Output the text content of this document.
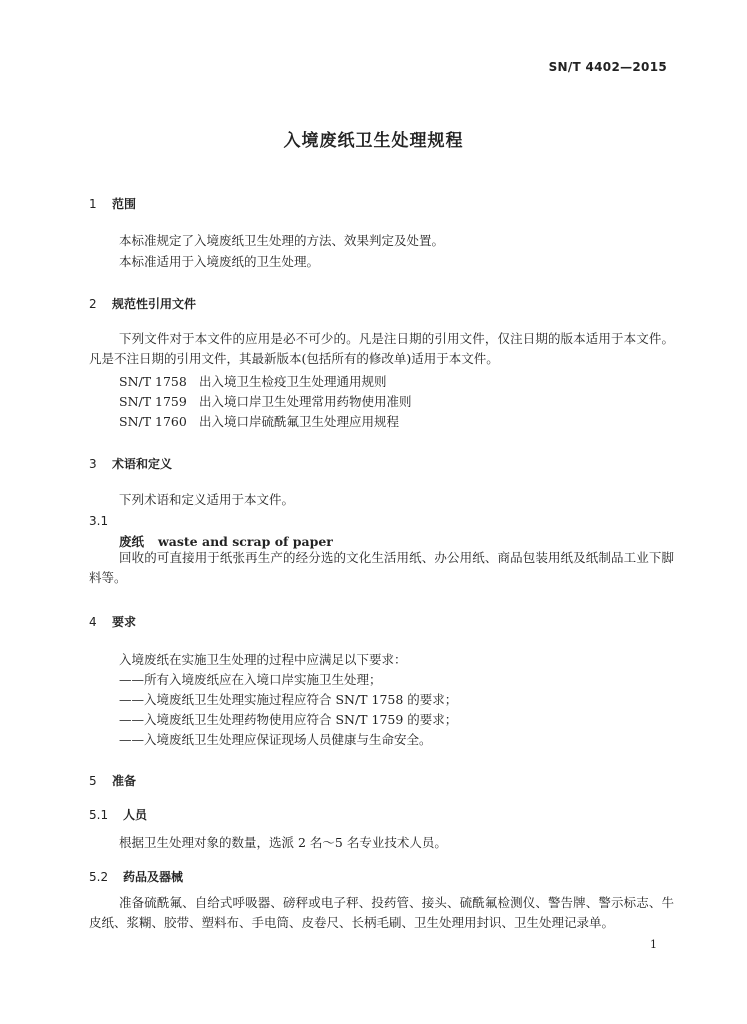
SN/T 4402—2015
入境废纸卫生处理规程
1 范围
本标准规定了入境废纸卫生处理的方法、效果判定及处置。
本标准适用于入境废纸的卫生处理。
2 规范性引用文件
下列文件对于本文件的应用是必不可少的。凡是注日期的引用文件，仅注日期的版本适用于本文件。凡是不注日期的引用文件，其最新版本(包括所有的修改单)适用于本文件。
SN/T 1758 出入境卫生检疫卫生处理通用规则
SN/T 1759 出入境口岸卫生处理常用药物使用准则
SN/T 1760 出入境口岸硫酰氟卫生处理应用规程
3 术语和定义
下列术语和定义适用于本文件。
3.1
废纸 waste and scrap of paper
回收的可直接用于纸张再生产的经分选的文化生活用纸、办公用纸、商品包装用纸及纸制品工业下脚料等。
4 要求
入境废纸在实施卫生处理的过程中应满足以下要求：
——所有入境废纸应在入境口岸实施卫生处理；
——入境废纸卫生处理实施过程应符合 SN/T 1758 的要求；
——入境废纸卫生处理药物使用应符合 SN/T 1759 的要求；
——入境废纸卫生处理应保证现场人员健康与生命安全。
5 准备
5.1 人员
根据卫生处理对象的数量，选派 2 名～5 名专业技术人员。
5.2 药品及器械
准备硫酰氟、自给式呼吸器、磅秤或电子秤、投药管、接头、硫酰氟检测仪、警告牌、警示标志、牛皮纸、浆糊、胶带、塑料布、手电筒、皮卷尺、长柄毛刷、卫生处理用封识、卫生处理记录单。
1
